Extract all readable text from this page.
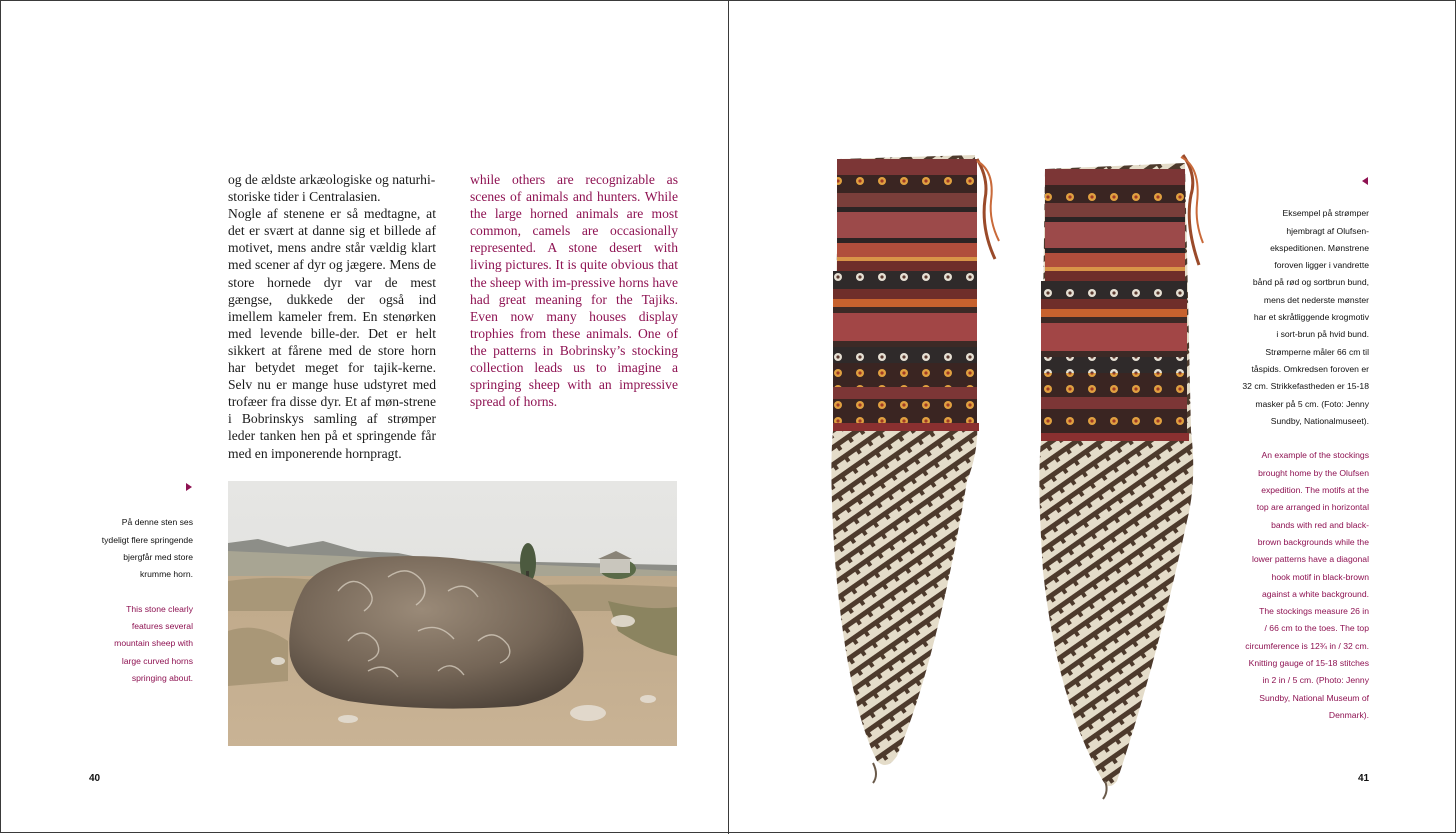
og de ældste arkæologiske og naturhi-
storiske tider i Centralasien.
Nogle af stenene er så medtagne, at det er svært at danne sig et billede af motivet, mens andre står vældig klart med scener af dyr og jægere. Mens de store hornede dyr var de mest gængse, dukkede der også ind imellem kameler frem. En stenørken med levende bille-der. Det er helt sikkert at fårene med de store horn har betydet meget for tajik-kerne. Selv nu er mange huse udstyret med trofæer fra disse dyr. Et af møn-strene i Bobrinskys samling af strømper leder tanken hen på et springende får med en imponerende hornpragt.
while others are recognizable as scenes of animals and hunters. While the large horned animals are most common, camels are occasionally represented. A stone desert with living pictures. It is quite obvious that the sheep with im-pressive horns have had great meaning for the Tajiks. Even now many houses display trophies from these animals. One of the patterns in Bobrinsky’s stocking collection leads us to imagine a springing sheep with an impressive spread of horns.

På denne sten ses
tydeligt flere springende
bjergfår med store
krumme horn.

This stone clearly
features several
mountain sheep with
large curved horns
springing about.

40

Eksempel på strømper
hjembragt af Olufsen-
ekspeditionen. Mønstrene
foroven ligger i vandrette
bånd på rød og sortbrun bund,
mens det nederste mønster
har et skråtliggende krogmotiv
i sort-brun på hvid bund.
Strømperne måler 66 cm til
tåspids. Omkredsen foroven er
32 cm. Strikkefastheden er 15-18
masker på 5 cm. (Foto: Jenny
Sundby, Nationalmuseet).

An example of the stockings
brought home by the Olufsen
expedition. The motifs at the
top are arranged in horizontal
bands with red and black-
brown backgrounds while the
lower patterns have a diagonal
hook motif in black-brown
against a white background.
The stockings measure 26 in
/ 66 cm to the toes. The top
circumference is 12¾ in / 32 cm.
Knitting gauge of 15-18 stitches
in 2 in / 5 cm. (Photo: Jenny
Sundby, National Museum of
Denmark).

41
